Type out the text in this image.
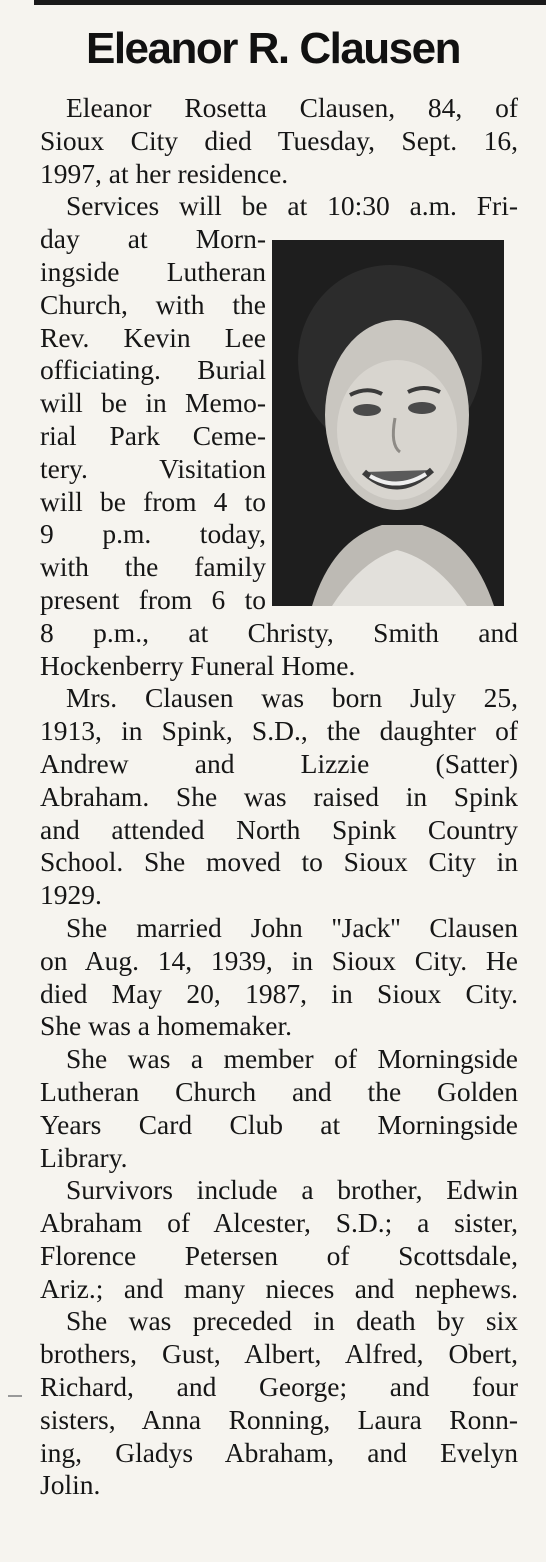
Eleanor R. Clausen
Eleanor Rosetta Clausen, 84, of
Sioux City died Tuesday, Sept. 16,
1997, at her residence.
Services will be at 10:30 a.m. Fri-
day at Morn-
ingside Lutheran
Church, with the
Rev. Kevin Lee
officiating. Burial
will be in Memo-
rial Park Ceme-
tery. Visitation
will be from 4 to
9 p.m. today,
with the family
present from 6 to
8 p.m., at Christy, Smith and
Hockenberry Funeral Home.
Mrs. Clausen was born July 25,
1913, in Spink, S.D., the daughter of
Andrew and Lizzie (Satter)
Abraham. She was raised in Spink
and attended North Spink Country
School. She moved to Sioux City in
1929.
She married John ''Jack'' Clausen
on Aug. 14, 1939, in Sioux City. He
died May 20, 1987, in Sioux City.
She was a homemaker.
She was a member of Morningside
Lutheran Church and the Golden
Years Card Club at Morningside
Library.
Survivors include a brother, Edwin
Abraham of Alcester, S.D.; a sister,
Florence Petersen of Scottsdale,
Ariz.; and many nieces and nephews.
She was preceded in death by six
brothers, Gust, Albert, Alfred, Obert,
Richard, and George; and four
sisters, Anna Ronning, Laura Ronn-
ing, Gladys Abraham, and Evelyn
Jolin.
